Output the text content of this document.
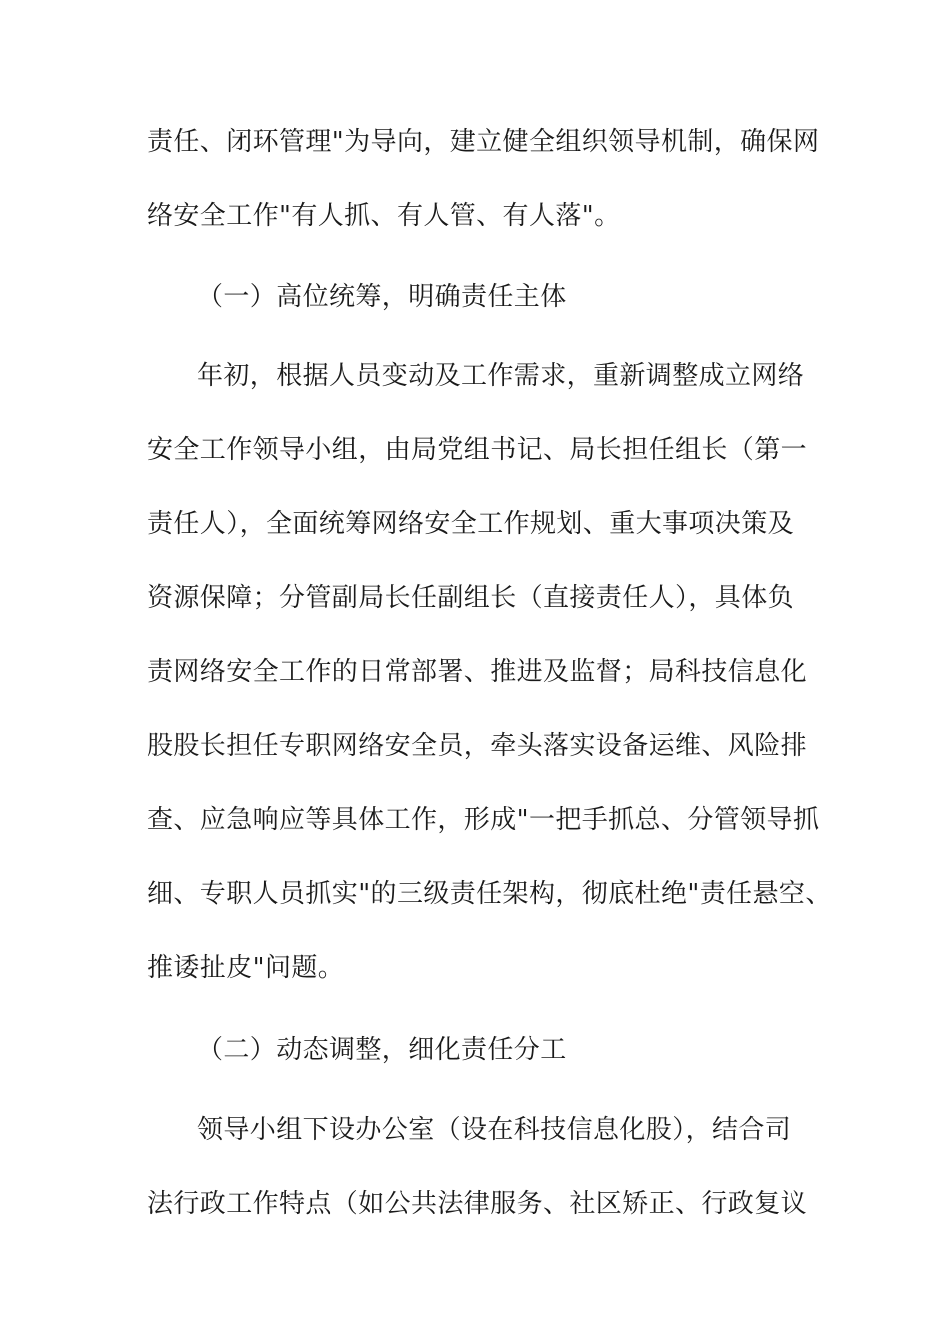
责任、闭环管理"为导向，建立健全组织领导机制，确保网

络安全工作"有人抓、有人管、有人落"。

（一）高位统筹，明确责任主体

年初，根据人员变动及工作需求，重新调整成立网络

安全工作领导小组，由局党组书记、局长担任组长（第一

责任人），全面统筹网络安全工作规划、重大事项决策及

资源保障；分管副局长任副组长（直接责任人），具体负

责网络安全工作的日常部署、推进及监督；局科技信息化

股股长担任专职网络安全员，牵头落实设备运维、风险排

查、应急响应等具体工作，形成"一把手抓总、分管领导抓

细、专职人员抓实"的三级责任架构，彻底杜绝"责任悬空、

推诿扯皮"问题。

（二）动态调整，细化责任分工

领导小组下设办公室（设在科技信息化股），结合司

法行政工作特点（如公共法律服务、社区矫正、行政复议
